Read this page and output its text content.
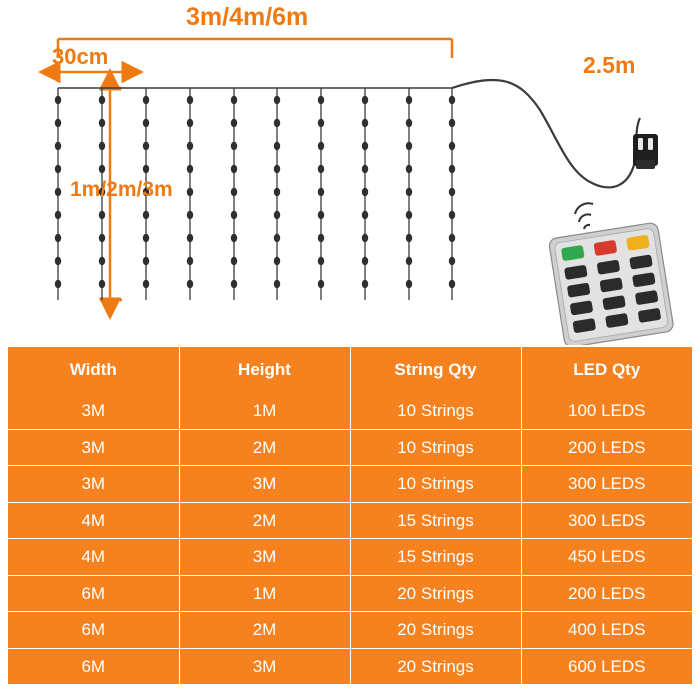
3m/4m/6m
30cm
1m/2m/3m
2.5m
Width	Height	String Qty	LED Qty
3M	1M	10 Strings	100 LEDS
3M	2M	10 Strings	200 LEDS
3M	3M	10 Strings	300 LEDS
4M	2M	15 Strings	300 LEDS
4M	3M	15 Strings	450 LEDS
6M	1M	20 Strings	200 LEDS
6M	2M	20 Strings	400 LEDS
6M	3M	20 Strings	600 LEDS
